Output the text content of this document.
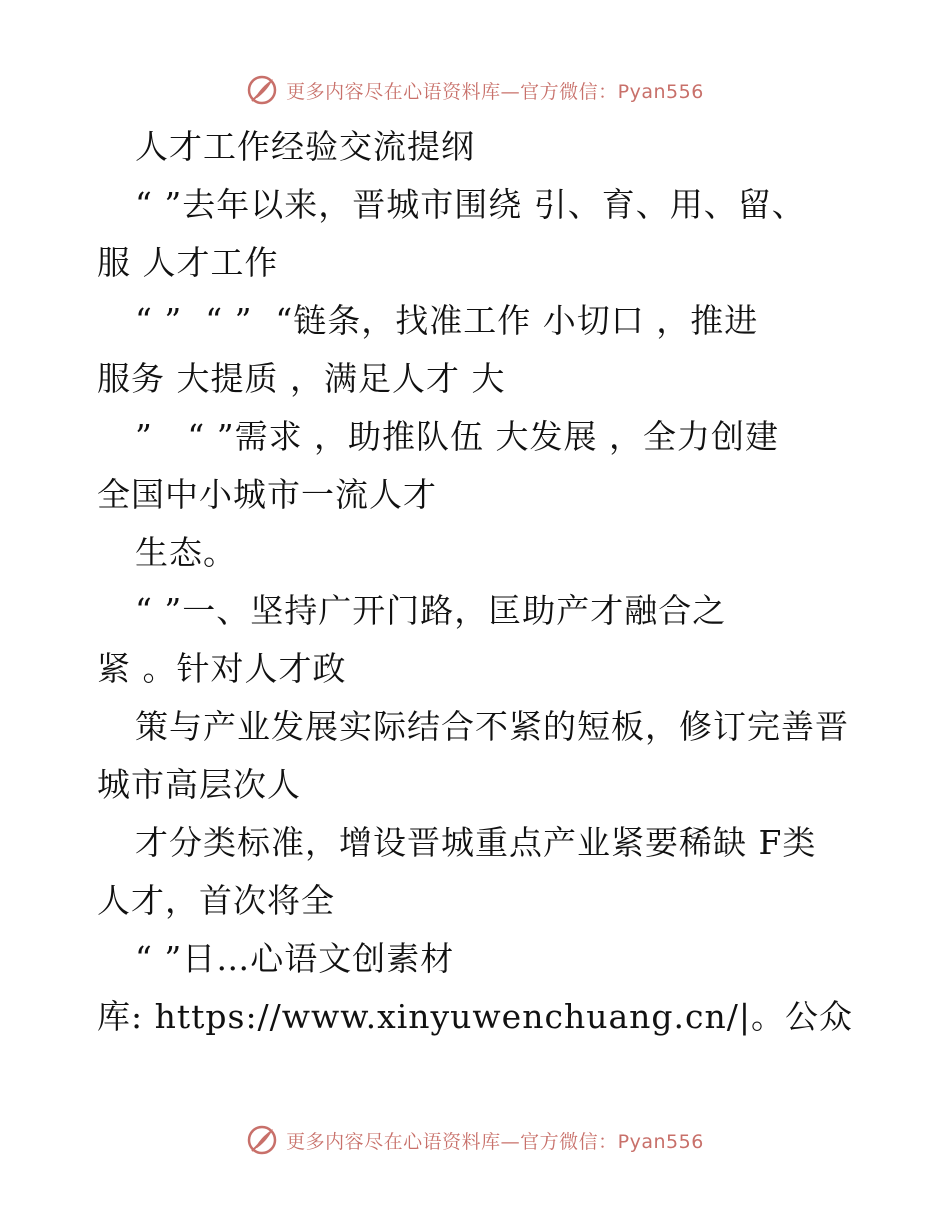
更多内容尽在心语资料库—官方微信：Pyan556
人才工作经验交流提纲
“ ”去年以来，晋城市围绕 引、育、用、留、
服 人才工作
“ ”  “ ”  “链条，找准工作 小切口 ，推进
服务 大提质 ，满足人才 大
”   “ ”需求 ，助推队伍 大发展 ，全力创建
全国中小城市一流人才
生态。
“ ”一、坚持广开门路，匡助产才融合之
紧 。针对人才政
策与产业发展实际结合不紧的短板，修订完善晋
城市高层次人
才分类标准，增设晋城重点产业紧要稀缺 F类
人才，首次将全
“ ”日…心语文创素材
库: https://www.xinyuwenchuang.cn/|。公众
更多内容尽在心语资料库—官方微信：Pyan556
